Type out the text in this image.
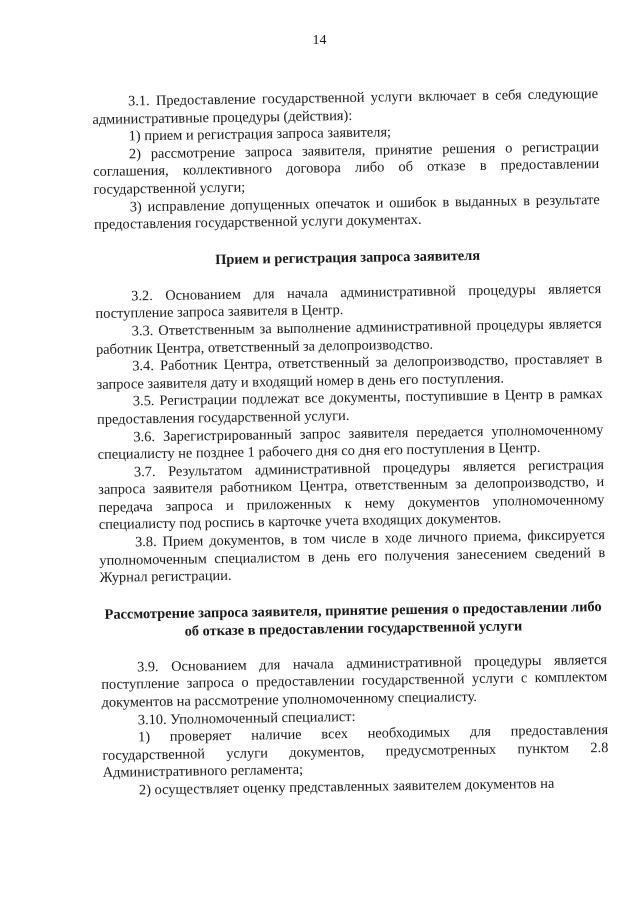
14

3.1. Предоставление государственной услуги включает в себя следующие административные процедуры (действия):

1) прием и регистрация запроса заявителя;

2) рассмотрение запроса заявителя, принятие решения о регистрации соглашения, коллективного договора либо об отказе в предоставлении государственной услуги;

3) исправление допущенных опечаток и ошибок в выданных в результате предоставления государственной услуги документах.

Прием и регистрация запроса заявителя

3.2. Основанием для начала административной процедуры является поступление запроса заявителя в Центр.

3.3. Ответственным за выполнение административной процедуры является работник Центра, ответственный за делопроизводство.

3.4. Работник Центра, ответственный за делопроизводство, проставляет в запросе заявителя дату и входящий номер в день его поступления.

3.5. Регистрации подлежат все документы, поступившие в Центр в рамках предоставления государственной услуги.

3.6. Зарегистрированный запрос заявителя передается уполномоченному специалисту не позднее 1 рабочего дня со дня его поступления в Центр.

3.7. Результатом административной процедуры является регистрация запроса заявителя работником Центра, ответственным за делопроизводство, и передача запроса и приложенных к нему документов уполномоченному специалисту под роспись в карточке учета входящих документов.

3.8. Прием документов, в том числе в ходе личного приема, фиксируется уполномоченным специалистом в день его получения занесением сведений в Журнал регистрации.

Рассмотрение запроса заявителя, принятие решения о предоставлении либо об отказе в предоставлении государственной услуги

3.9. Основанием для начала административной процедуры является поступление запроса о предоставлении государственной услуги с комплектом документов на рассмотрение уполномоченному специалисту.

3.10. Уполномоченный специалист:

1) проверяет наличие всех необходимых для предоставления государственной услуги документов, предусмотренных пунктом 2.8 Административного регламента;

2) осуществляет оценку представленных заявителем документов на
